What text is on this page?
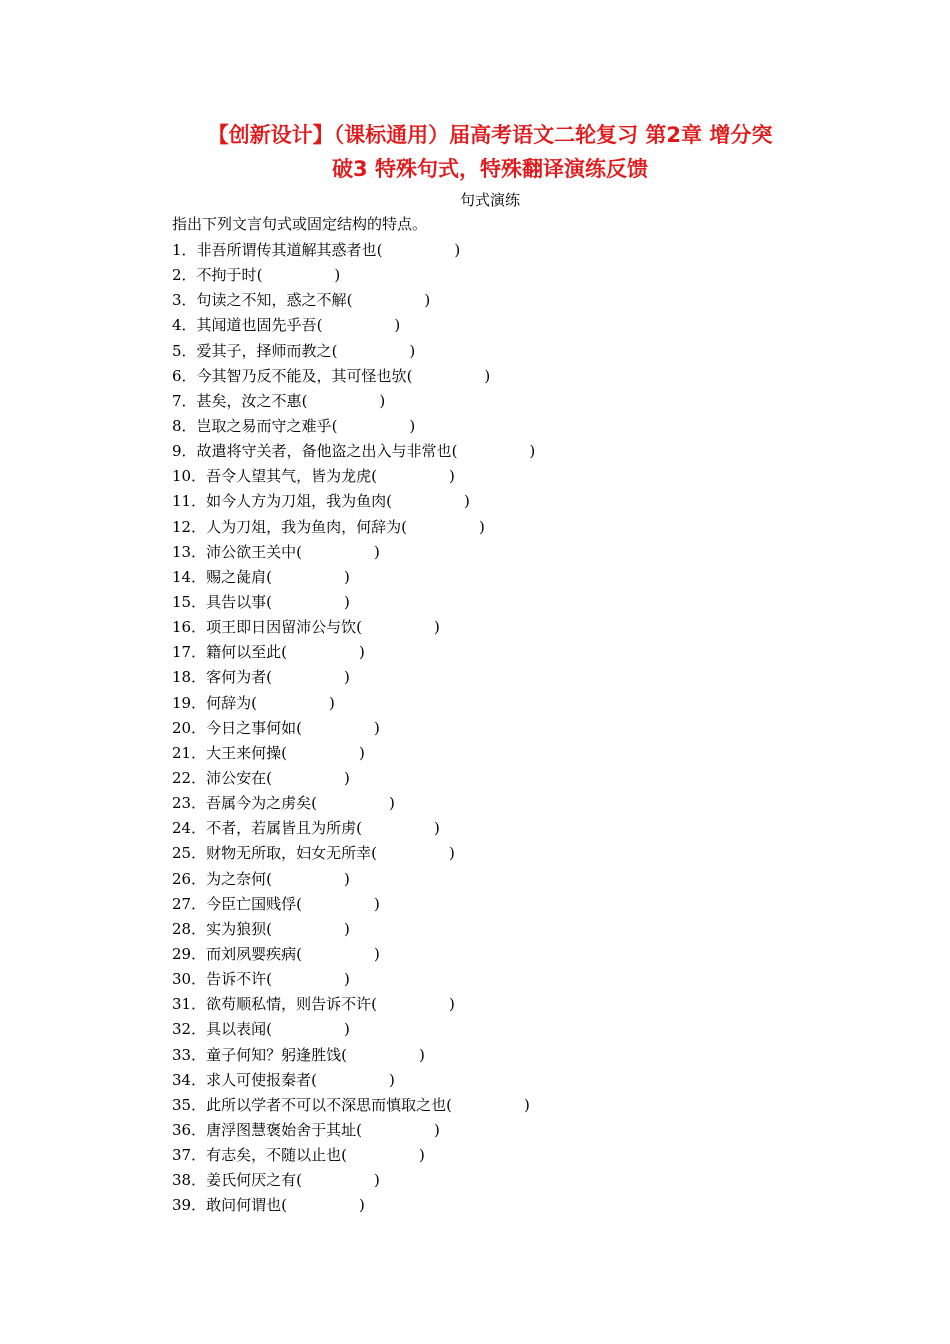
【创新设计】（课标通用）届高考语文二轮复习 第2章 增分突
破3 特殊句式，特殊翻译演练反馈
句式演练
指出下列文言句式或固定结构的特点。
1．非吾所谓传其道解其惑者也(	)
2．不拘于时(	)
3．句读之不知，惑之不解(	)
4．其闻道也固先乎吾(	)
5．爱其子，择师而教之(	)
6．今其智乃反不能及，其可怪也欤(	)
7．甚矣，汝之不惠(	)
8．岂取之易而守之难乎(	)
9．故遣将守关者，备他盗之出入与非常也(	)
10．吾令人望其气，皆为龙虎(	)
11．如今人方为刀俎，我为鱼肉(	)
12．人为刀俎，我为鱼肉，何辞为(	)
13．沛公欲王关中(	)
14．赐之彘肩(	)
15．具告以事(	)
16．项王即日因留沛公与饮(	)
17．籍何以至此(	)
18．客何为者(	)
19．何辞为(	)
20．今日之事何如(	)
21．大王来何操(	)
22．沛公安在(	)
23．吾属今为之虏矣(	)
24．不者，若属皆且为所虏(	)
25．财物无所取，妇女无所幸(	)
26．为之奈何(	)
27．今臣亡国贱俘(	)
28．实为狼狈(	)
29．而刘夙婴疾病(	)
30．告诉不许(	)
31．欲苟顺私情，则告诉不许(	)
32．具以表闻(	)
33．童子何知？躬逢胜饯(	)
34．求人可使报秦者(	)
35．此所以学者不可以不深思而慎取之也(	)
36．唐浮图慧褒始舍于其址(	)
37．有志矣，不随以止也(	)
38．姜氏何厌之有(	)
39．敢问何谓也(	)
